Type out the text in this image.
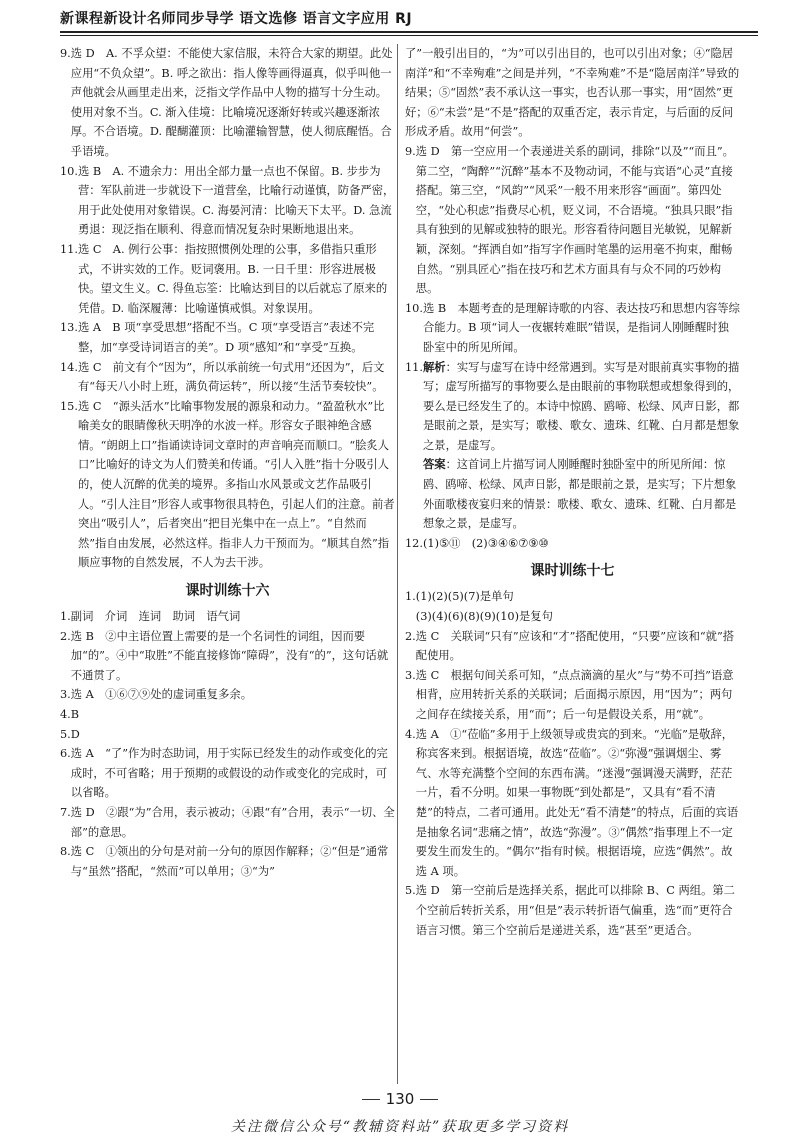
新课程新设计名师同步导学 语文选修 语言文字应用 RJ
9. 选 D　A. 不孚众望：不能使大家信服，未符合大家的期望。此处应用“不负众望”。B. 呼之欲出：指人像等画得逼真，似乎叫他一声他就会从画里走出来，泛指文学作品中人物的描写十分生动。使用对象不当。C. 渐入佳境：比喻境况逐渐好转或兴趣逐渐浓厚。不合语境。D. 醍醐灌顶：比喻灌输智慧，使人彻底醒悟。合乎语境。
10. 选 B　A. 不遗余力：用出全部力量一点也不保留。B. 步步为营：军队前进一步就设下一道营垒，比喻行动谨慎，防备严密，用于此处使用对象错误。C. 海晏河清：比喻天下太平。D. 急流勇退：现泛指在顺利、得意而情况复杂时果断地退出来。
11. 选 C　A. 例行公事：指按照惯例处理的公事，多借指只重形式，不讲实效的工作。贬词褒用。B. 一日千里：形容进展极快。望文生义。C. 得鱼忘筌：比喻达到目的以后就忘了原来的凭借。D. 临深履薄：比喻谨慎戒惧。对象误用。
13. 选 A　B 项“享受思想”搭配不当。C 项“享受语言”表述不完整，加“享受诗词语言的美”。D 项“感知”和“享受”互换。
14. 选 C　前文有个“因为”，所以承前统一句式用“还因为”，后文有“每天八小时上班，满负荷运转”，所以接“生活节奏较快”。
15. 选 C　“源头活水”比喻事物发展的源泉和动力。“盈盈秋水”比喻美女的眼睛像秋天明净的水波一样。形容女子眼神绝含感情。“朗朗上口”指诵读诗词文章时的声音响亮而顺口。“脍炙人口”比喻好的诗文为人们赞美和传诵。“引人入胜”指十分吸引人的，使人沉醉的优美的境界。多指山水风景或文艺作品吸引人。“引人注目”形容人或事物很具特色，引起人们的注意。前者突出“吸引人”，后者突出“把目光集中在一点上”。“自然而然”指自由发展，必然这样。指非人力干预而为。“顺其自然”指顺应事物的自然发展，不人为去干涉。
课时训练十六
1. 副词　介词　连词　助词　语气词
2. 选 B　②中主语位置上需要的是一个名词性的词组，因而要加“的”。④中“取胜”不能直接修饰“障碍”，没有“的”，这句话就不通贯了。
3. 选 A　①⑥⑦⑨处的虚词重复多余。
4. B
5. D
6. 选 A　“了”作为时态助词，用于实际已经发生的动作或变化的完成时，不可省略；用于预期的或假设的动作或变化的完成时，可以省略。
7. 选 D　②跟“为”合用，表示被动；④跟“有”合用，表示“一切、全部”的意思。
8. 选 C　①领出的分句是对前一分句的原因作解释；②“但是”通常与“虽然”搭配，“然而”可以单用；③“为”
了”一般引出目的，“为”可以引出目的，也可以引出对象；④“隐居南洋”和“不幸殉难”之间是并列，“不幸殉难”不是“隐居南洋”导致的结果；⑤“固然”表不承认这一事实，也否认那一事实，用“固然”更好；⑥“未尝”是“不是”搭配的双重否定，表示肯定，与后面的反问形成矛盾。故用“何尝”。
9. 选 D　第一空应用一个表递进关系的副词，排除“以及”“而且”。第二空，“陶醉”“沉醉”基本不及物动词，不能与宾语“心灵”直接搭配。第三空，“风韵”“风采”一般不用来形容“画面”。第四处空，“处心积虑”指费尽心机，贬义词，不合语境。“独具只眼”指具有独到的见解或独特的眼光。形容看待问题目光敏锐，见解新颖，深刻。“挥洒自如”指写字作画时笔墨的运用毫不拘束，酣畅自然。“别具匠心”指在技巧和艺术方面具有与众不同的巧妙构思。
10. 选 B　本题考查的是理解诗歌的内容、表达技巧和思想内容等综合能力。B 项“词人一夜辗转难眠”错误，是指词人刚睡醒时独卧室中的所见所闻。
11. 解析：实写与虚写在诗中经常遇到。实写是对眼前真实事物的描写；虚写所描写的事物要么是由眼前的事物联想或想象得到的，要么是已经发生了的。本诗中惊鸥、鸥啼、松绿、风声日影，都是眼前之景，是实写；歌楼、歌女、遗珠、红靴、白月都是想象之景，是虚写。
答案：这首词上片描写词人刚睡醒时独卧室中的所见所闻：惊鸥、鸥啼、松绿、风声日影，都是眼前之景，是实写；下片想象外面歌楼夜宴归来的情景：歌楼、歌女、遗珠、红靴、白月都是想象之景，是虚写。
12. (1)⑤⑪　(2)③④⑥⑦⑨⑩
课时训练十七
1. (1)(2)(5)(7)是单句
(3)(4)(6)(8)(9)(10)是复句
2. 选 C　关联词“只有”应该和“才”搭配使用，“只要”应该和“就”搭配使用。
3. 选 C　根据句间关系可知，“点点滴滴的星火”与“势不可挡”语意相背，应用转折关系的关联词；后面揭示原因，用“因为”；两句之间存在续接关系，用“而”；后一句是假设关系，用“就”。
4. 选 A　①“莅临”多用于上级领导或贵宾的到来。“光临”是敬辞，称宾客来到。根据语境，故选“莅临”。②“弥漫”强调烟尘、雾气、水等充满整个空间的东西布满。“迷漫”强调漫天满野，茫茫一片，看不分明。如果一事物既“到处都是”，又具有“看不清楚”的特点，二者可通用。此处无“看不清楚”的特点，后面的宾语是抽象名词“悲痛之情”，故选“弥漫”。③“偶然”指事理上不一定要发生而发生的。“偶尔”指有时候。根据语境，应选“偶然”。故选 A 项。
5. 选 D　第一空前后是选择关系，据此可以排除 B、C 两组。第二个空前后转折关系，用“但是”表示转折语气偏重，选“而”更符合语言习惯。第三个空前后是递进关系，选“甚至”更适合。
130
关注微信公众号“教辅资料站”获取更多学习资料
